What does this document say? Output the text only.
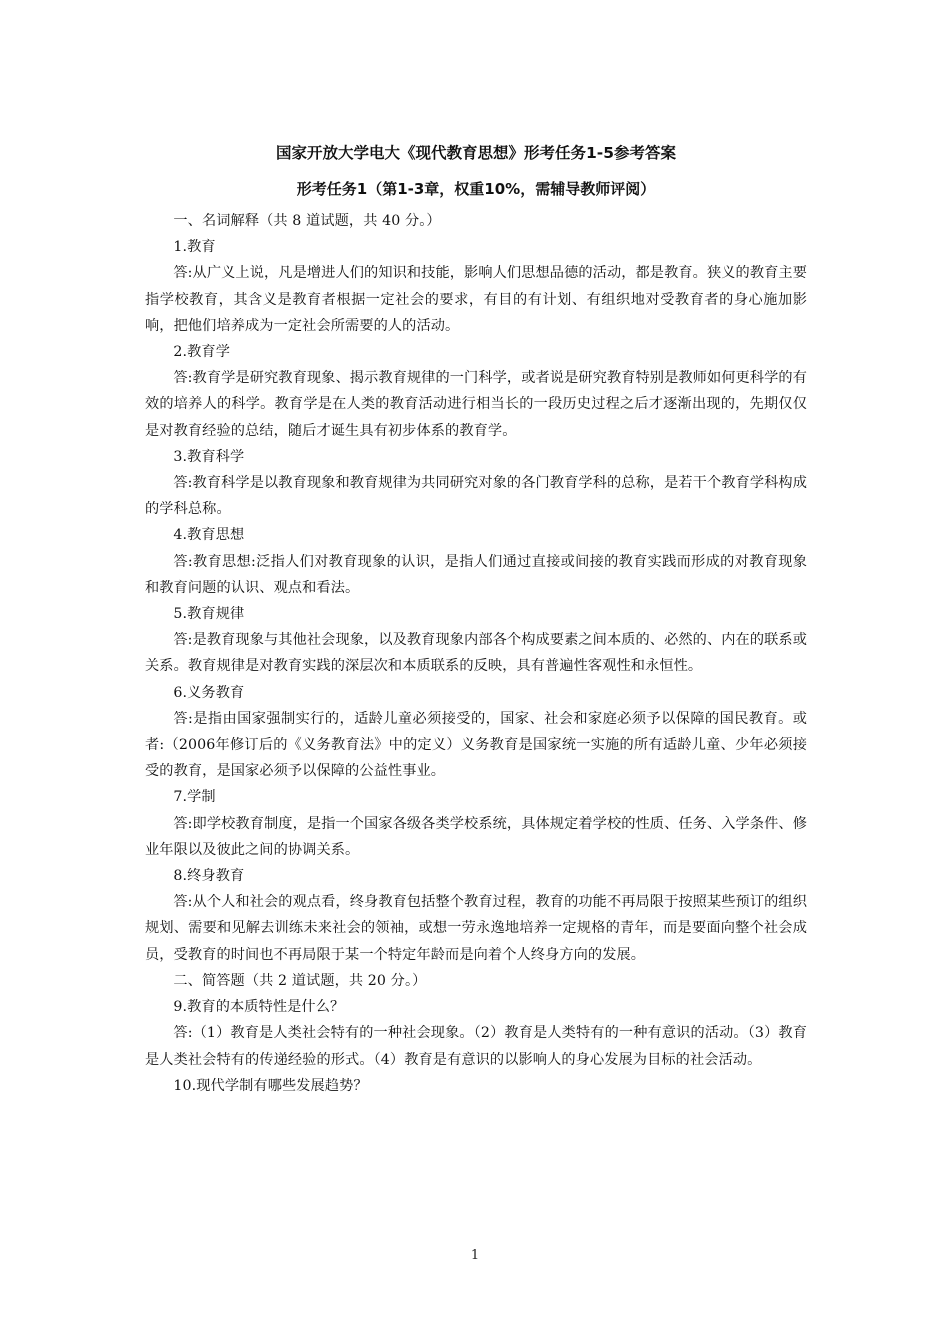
国家开放大学电大《现代教育思想》形考任务1-5参考答案
形考任务1（第1-3章，权重10%，需辅导教师评阅）

一、名词解释（共 8 道试题，共 40 分。）

1.教育

答:从广义上说，凡是增进人们的知识和技能，影响人们思想品德的活动，都是教育。狭义的教育主要指学校教育，其含义是教育者根据一定社会的要求，有目的有计划、有组织地对受教育者的身心施加影响，把他们培养成为一定社会所需要的人的活动。

2.教育学

答:教育学是研究教育现象、揭示教育规律的一门科学，或者说是研究教育特别是教师如何更科学的有效的培养人的科学。教育学是在人类的教育活动进行相当长的一段历史过程之后才逐渐出现的，先期仅仅是对教育经验的总结，随后才诞生具有初步体系的教育学。

3.教育科学

答:教育科学是以教育现象和教育规律为共同研究对象的各门教育学科的总称，是若干个教育学科构成的学科总称。

4.教育思想

答:教育思想:泛指人们对教育现象的认识，是指人们通过直接或间接的教育实践而形成的对教育现象和教育问题的认识、观点和看法。

5.教育规律

答:是教育现象与其他社会现象，以及教育现象内部各个构成要素之间本质的、必然的、内在的联系或关系。教育规律是对教育实践的深层次和本质联系的反映，具有普遍性客观性和永恒性。

6.义务教育

答:是指由国家强制实行的，适龄儿童必须接受的，国家、社会和家庭必须予以保障的国民教育。或者:（2006年修订后的《义务教育法》中的定义）义务教育是国家统一实施的所有适龄儿童、少年必须接受的教育，是国家必须予以保障的公益性事业。

7.学制

答:即学校教育制度，是指一个国家各级各类学校系统，具体规定着学校的性质、任务、入学条件、修业年限以及彼此之间的协调关系。

8.终身教育

答:从个人和社会的观点看，终身教育包括整个教育过程，教育的功能不再局限于按照某些预订的组织规划、需要和见解去训练未来社会的领袖，或想一劳永逸地培养一定规格的青年，而是要面向整个社会成员，受教育的时间也不再局限于某一个特定年龄而是向着个人终身方向的发展。

二、简答题（共 2 道试题，共 20 分。）

9.教育的本质特性是什么？

答:（1）教育是人类社会特有的一种社会现象。（2）教育是人类特有的一种有意识的活动。（3）教育是人类社会特有的传递经验的形式。（4）教育是有意识的以影响人的身心发展为目标的社会活动。

10.现代学制有哪些发展趋势？

1
